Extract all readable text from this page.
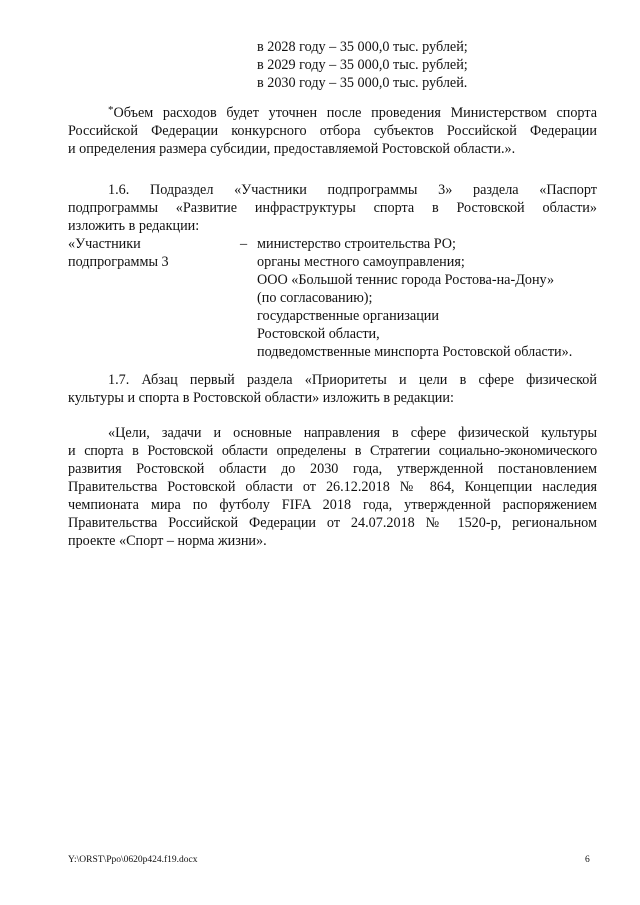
в 2028 году – 35 000,0 тыс. рублей;
в 2029 году – 35 000,0 тыс. рублей;
в 2030 году – 35 000,0 тыс. рублей.
*Объем расходов будет уточнен после проведения Министерством спорта
Российской Федерации конкурсного отбора субъектов Российской Федерации
и определения размера субсидии, предоставляемой Ростовской области.».
1.6. Подраздел «Участники подпрограммы 3» раздела «Паспорт
подпрограммы «Развитие инфраструктуры спорта в Ростовской области»
изложить в редакции:
«Участники
подпрограммы 3
– министерство строительства РО;
органы местного самоуправления;
ООО «Большой теннис города Ростова-на-Дону»
(по согласованию);
государственные организации
Ростовской области,
подведомственные минспорта Ростовской области».
1.7. Абзац первый раздела «Приоритеты и цели в сфере физической
культуры и спорта в Ростовской области» изложить в редакции:
«Цели, задачи и основные направления в сфере физической культуры
и спорта в Ростовской области определены в Стратегии социально-экономического
развития Ростовской области до 2030 года, утвержденной постановлением
Правительства Ростовской области от 26.12.2018 № 864, Концепции наследия
чемпионата мира по футболу FIFA 2018 года, утвержденной распоряжением
Правительства Российской Федерации от 24.07.2018 № 1520-р, региональном
проекте «Спорт – норма жизни».
Y:\ORST\Ppo\0620p424.f19.docx	6
